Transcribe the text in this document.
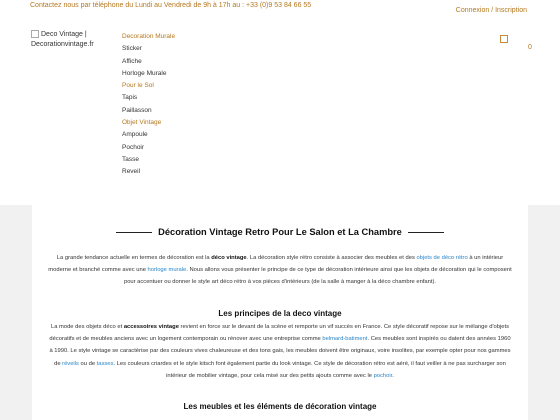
Contactez nous par téléphone du Lundi au Vendredi de 9h à 17h au : +33 (0)9 53 84 66 55
Connexion / Inscription
Deco Vintage | Decorationvintage.fr
Decoration Murale
Sticker
Affiche
Horloge Murale
Pour le Sol
Tapis
Paillasson
Objet Vintage
Ampoule
Pochoir
Tasse
Reveil
0
Décoration Vintage Retro Pour Le Salon et La Chambre

La grande tendance actuelle en termes de décoration est la déco vintage. La décoration style rétro consiste à associer des meubles et des objets de déco rétro à un intérieur moderne et branché comme avec une horloge murale. Nous allons vous présenter le principe de ce type de décoration intérieure ainsi que les objets de décoration qui le composent pour accentuer ou donner le style art déco rétro à vos pièces d'intérieurs (de la salle à manger à la déco chambre enfant).

Les principes de la deco vintage

La mode des objets déco et accessoires vintage revient en force sur le devant de la scène et remporte un vif succès en France. Ce style décoratif repose sur le mélange d'objets décoratifs et de meubles anciens avec un logement contemporain ou rénover avec une entreprise comme belmard-batiment. Ces meubles sont inspirés ou datent des années 1960 à 1990. Le style vintage se caractérise par des couleurs vives chaleureuse et des tons gais, les meubles doivent être originaux, voire insolites, par exemple opter pour nos gammes de réveils ou de tasses. Les couleurs criardes et le style kitsch font également partie du look vintage. Ce style de décoration rétro est aéré, il faut veiller à ne pas surcharger son intérieur de mobilier vintage, pour cela misé sur des petits ajouts comme avec le pochoir.

Les meubles et les éléments de décoration vintage
